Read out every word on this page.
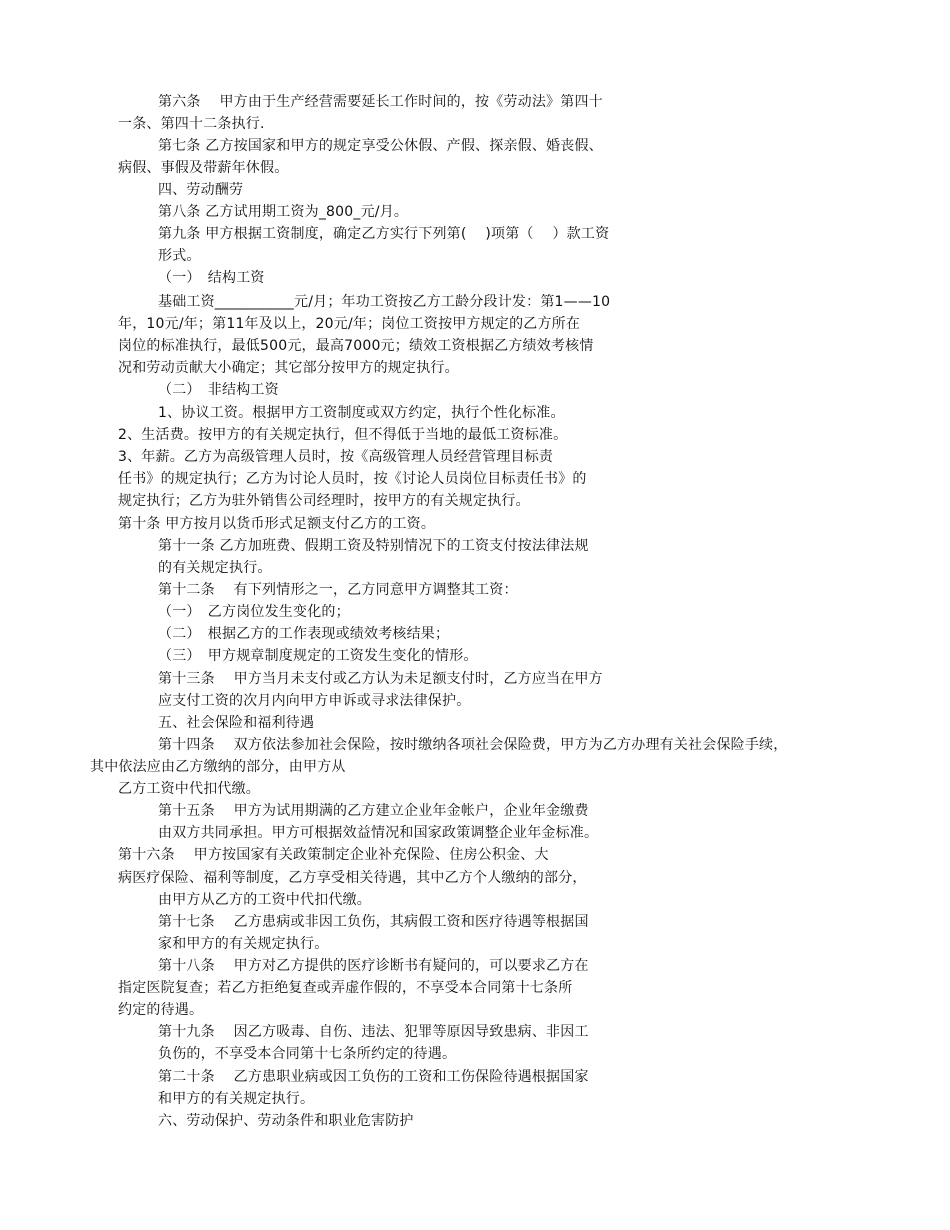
第六条　 甲方由于生产经营需要延长工作时间的，按《劳动法》第四十
一条、第四十二条执行.
第七条 乙方按国家和甲方的规定享受公休假、产假、探亲假、婚丧假、
病假、事假及带薪年休假。
四、劳动酬劳
第八条 乙方试用期工资为_800_元/月。
第九条 甲方根据工资制度，确定乙方实行下列第(　 )项第（　 ）款工资
形式。
（一）　结构工资
基础工资___________元/月；年功工资按乙方工龄分段计发：第1——10
年，10元/年；第11年及以上，20元/年；岗位工资按甲方规定的乙方所在
岗位的标准执行，最低500元，最高7000元；绩效工资根据乙方绩效考核情
况和劳动贡献大小确定；其它部分按甲方的规定执行。
（二）　非结构工资
1、协议工资。根据甲方工资制度或双方约定，执行个性化标准。
2、生活费。按甲方的有关规定执行，但不得低于当地的最低工资标准。
3、年薪。乙方为高级管理人员时，按《高级管理人员经营管理目标责
任书》的规定执行；乙方为讨论人员时，按《讨论人员岗位目标责任书》的
规定执行；乙方为驻外销售公司经理时，按甲方的有关规定执行。
第十条 甲方按月以货币形式足额支付乙方的工资。
第十一条 乙方加班费、假期工资及特别情况下的工资支付按法律法规
的有关规定执行。
第十二条　 有下列情形之一，乙方同意甲方调整其工资：
（一）　乙方岗位发生变化的；
（二）　根据乙方的工作表现或绩效考核结果；
（三）　甲方规章制度规定的工资发生变化的情形。
第十三条　 甲方当月未支付或乙方认为未足额支付时，乙方应当在甲方
应支付工资的次月内向甲方申诉或寻求法律保护。
五、社会保险和福利待遇
第十四条　 双方依法参加社会保险，按时缴纳各项社会保险费，甲方为乙方办理有关社会保险手续，
其中依法应由乙方缴纳的部分，由甲方从
乙方工资中代扣代缴。
第十五条　 甲方为试用期满的乙方建立企业年金帐户，企业年金缴费
由双方共同承担。甲方可根据效益情况和国家政策调整企业年金标准。
第十六条　 甲方按国家有关政策制定企业补充保险、住房公积金、大
病医疗保险、福利等制度，乙方享受相关待遇，其中乙方个人缴纳的部分，
由甲方从乙方的工资中代扣代缴。
第十七条　 乙方患病或非因工负伤，其病假工资和医疗待遇等根据国
家和甲方的有关规定执行。
第十八条　 甲方对乙方提供的医疗诊断书有疑问的，可以要求乙方在
指定医院复查；若乙方拒绝复查或弄虚作假的，不享受本合同第十七条所
约定的待遇。
第十九条　 因乙方吸毒、自伤、违法、犯罪等原因导致患病、非因工
负伤的，不享受本合同第十七条所约定的待遇。
第二十条　 乙方患职业病或因工负伤的工资和工伤保险待遇根据国家
和甲方的有关规定执行。
六、劳动保护、劳动条件和职业危害防护
